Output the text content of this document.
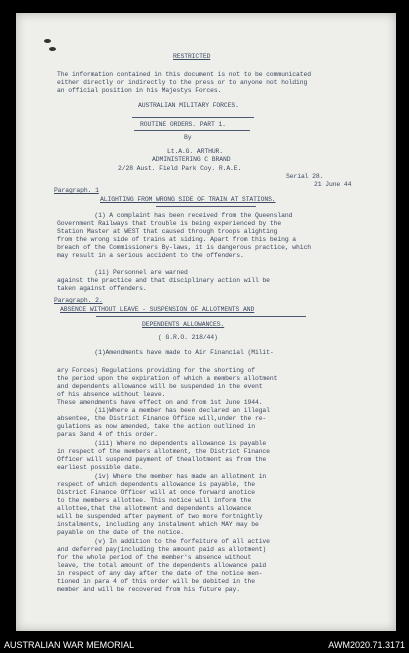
RESTRICTED
The information contained in this document is not to be communicated
either directly or indirectly to the press or to anyone not holding
an official position in his Majestys Forces.
AUSTRALIAN MILITARY FORCES.
ROUTINE ORDERS. PART 1.
By
Lt.A.G. ARTHUR.
ADMINISTERING C BRAND
2/28 Aust. Field Park Coy. R.A.E.
Serial 28.
21 June 44
Paragraph. 1
ALIGHTING FROM WRONG SIDE OF TRAIN AT STATIONS.
(1) A complaint has been received from the Queensland
Government Railways that trouble is being experienced by the
Station Master at WEST that caused through troops alighting
from the wrong side of trains at siding. Apart from this being a
breach of the Commissioners By-laws, it is dangerous practice, which
may result in a serious accident to the offenders.
(ii) Personnel are warned
against the practice and that disciplinary action will be
taken against offenders.
Paragraph. 2.
ABSENCE WITHOUT LEAVE - SUSPENSION OF ALLOTMENTS AND
DEPENDENTS ALLOWANCES.
( G.R.O. 218/44)
(1)Amendments have made to Air Financial (Milit-
ary Forces) Regulations providing for the shorting of
the period upon the expiration of which a members allotment
and dependents allowance will be suspended in the event
of his absence without leave.
These amendments have effect on and from 1st June 1944.
(ii)Where a member has been declared an illegal
absentee, the District Finance Office will,under the re-
gulations as now amended, take the action outlined in
paras 3and 4 of this order.
(iii) Where no dependents allowance is payable
in respect of the members allotment, the District Finance
Officer will suspend payment of theallotment as from the
earliest possible date.
(iv) Where the member has made an allotment in
respect of which dependents allowance is payable, the
District Finance Officer will at once forward anotice
to the members allottee. This notice will inform the
allottee,that the allotment and dependents allowance
will be suspended after payment of two more fortnightly
instalments, including any instalment which MAY may be
payable on the date of the notice.
(v) In addition to the forfeiture of all active
and deferred pay(including the amount paid as allotment)
for the whole period of the member's absence without
leave, the total amount of the dependents allowance paid
in respect of any day after the date of the notice men-
tioned in para 4 of this order will be debited in the
member and will be recovered from his future pay.
AUSTRALIAN WAR MEMORIAL	AWM2020.71.3171
